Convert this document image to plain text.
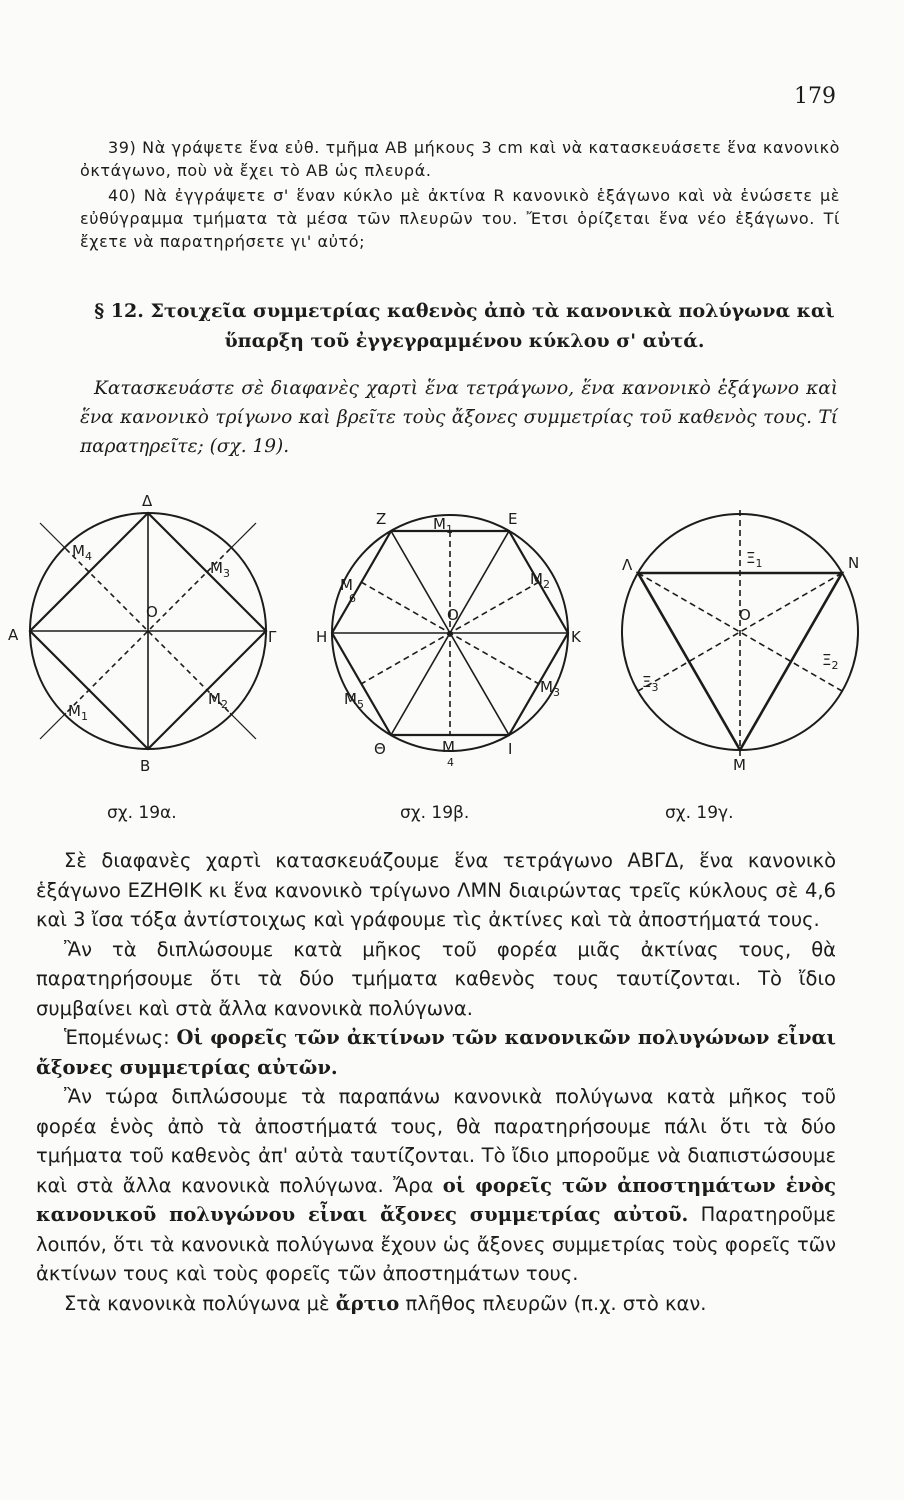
179

39) Νὰ γράψετε ἕνα εὐθ. τμῆμα ΑΒ μήκους 3 cm καὶ νὰ κατασκευάσετε ἕνα κανονικὸ ὀκτάγωνο, ποὺ νὰ ἔχει τὸ ΑΒ ὡς πλευρά.

40) Νὰ ἐγγράψετε σ' ἕναν κύκλο μὲ ἀκτίνα R κανονικὸ ἑξάγωνο καὶ νὰ ἑνώσετε μὲ εὐθύγραμμα τμήματα τὰ μέσα τῶν πλευρῶν του. Ἔτσι ὁρίζεται ἕνα νέο ἑξάγωνο. Τί ἔχετε νὰ παρατηρήσετε γι' αὐτό;

§ 12. Στοιχεῖα συμμετρίας καθενὸς ἀπὸ τὰ κανονικὰ πολύγωνα καὶ
ὕπαρξη τοῦ ἐγγεγραμμένου κύκλου σ' αὐτά.
Κατασκευάστε σὲ διαφανὲς χαρτὶ ἕνα τετράγωνο, ἕνα κανονικὸ ἑξάγωνο καὶ ἕνα κανονικὸ τρίγωνο καὶ βρεῖτε τοὺς ἄξονες συμμετρίας τοῦ καθενὸς τους. Τί παρατηρεῖτε; (σχ. 19).
Δ
Α	Γ
Β
Ο
$M_4$
$M_3$
$M_2$
$M_1$
Ζ	Ε
Η	Κ
Θ	Ι
Ο
$M_1$
$M_2$
$M_3$
Μ 4
$M_5$
Μ 6
Λ	Ν
Μ
Ο
$\Xi_1$
$\Xi_2$
$\Xi_3$
σχ. 19α.	σχ. 19β.	σχ. 19γ.

Σὲ διαφανὲς χαρτὶ κατασκευάζουμε ἕνα τετράγωνο ΑΒΓΔ, ἕνα κανονικὸ ἑξάγωνο ΕΖΗΘΙΚ κι ἕνα κανονικὸ τρίγωνο ΛΜΝ διαιρώντας τρεῖς κύκλους σὲ 4,6 καὶ 3 ἴσα τόξα ἀντίστοιχως καὶ γράφουμε τὶς ἀκτίνες καὶ τὰ ἀποστήματά τους.

Ἂν τὰ διπλώσουμε κατὰ μῆκος τοῦ φορέα μιᾶς ἀκτίνας τους, θὰ παρατηρήσουμε ὅτι τὰ δύο τμήματα καθενὸς τους ταυτίζονται. Τὸ ἴδιο συμβαίνει καὶ στὰ ἄλλα κανονικὰ πολύγωνα.

Ἑπομένως: Οἱ φορεῖς τῶν ἀκτίνων τῶν κανονικῶν πολυγώνων εἶναι ἄξονες συμμετρίας αὐτῶν.

Ἂν τώρα διπλώσουμε τὰ παραπάνω κανονικὰ πολύγωνα κατὰ μῆκος τοῦ φορέα ἑνὸς ἀπὸ τὰ ἀποστήματά τους, θὰ παρατηρήσουμε πάλι ὅτι τὰ δύο τμήματα τοῦ καθενὸς ἀπ' αὐτὰ ταυτίζονται. Τὸ ἴδιο μποροῦμε νὰ διαπιστώσουμε καὶ στὰ ἄλλα κανονικὰ πολύγωνα. Ἄρα οἱ φορεῖς τῶν ἀποστημάτων ἑνὸς κανονικοῦ πολυγώνου εἶναι ἄξονες συμμετρίας αὐτοῦ. Παρατηροῦμε λοιπόν, ὅτι τὰ κανονικὰ πολύγωνα ἔχουν ὡς ἄξονες συμμετρίας τοὺς φορεῖς τῶν ἀκτίνων τους καὶ τοὺς φορεῖς τῶν ἀποστημάτων τους.

Στὰ κανονικὰ πολύγωνα μὲ ἄρτιο πλῆθος πλευρῶν (π.χ. στὸ καν.
